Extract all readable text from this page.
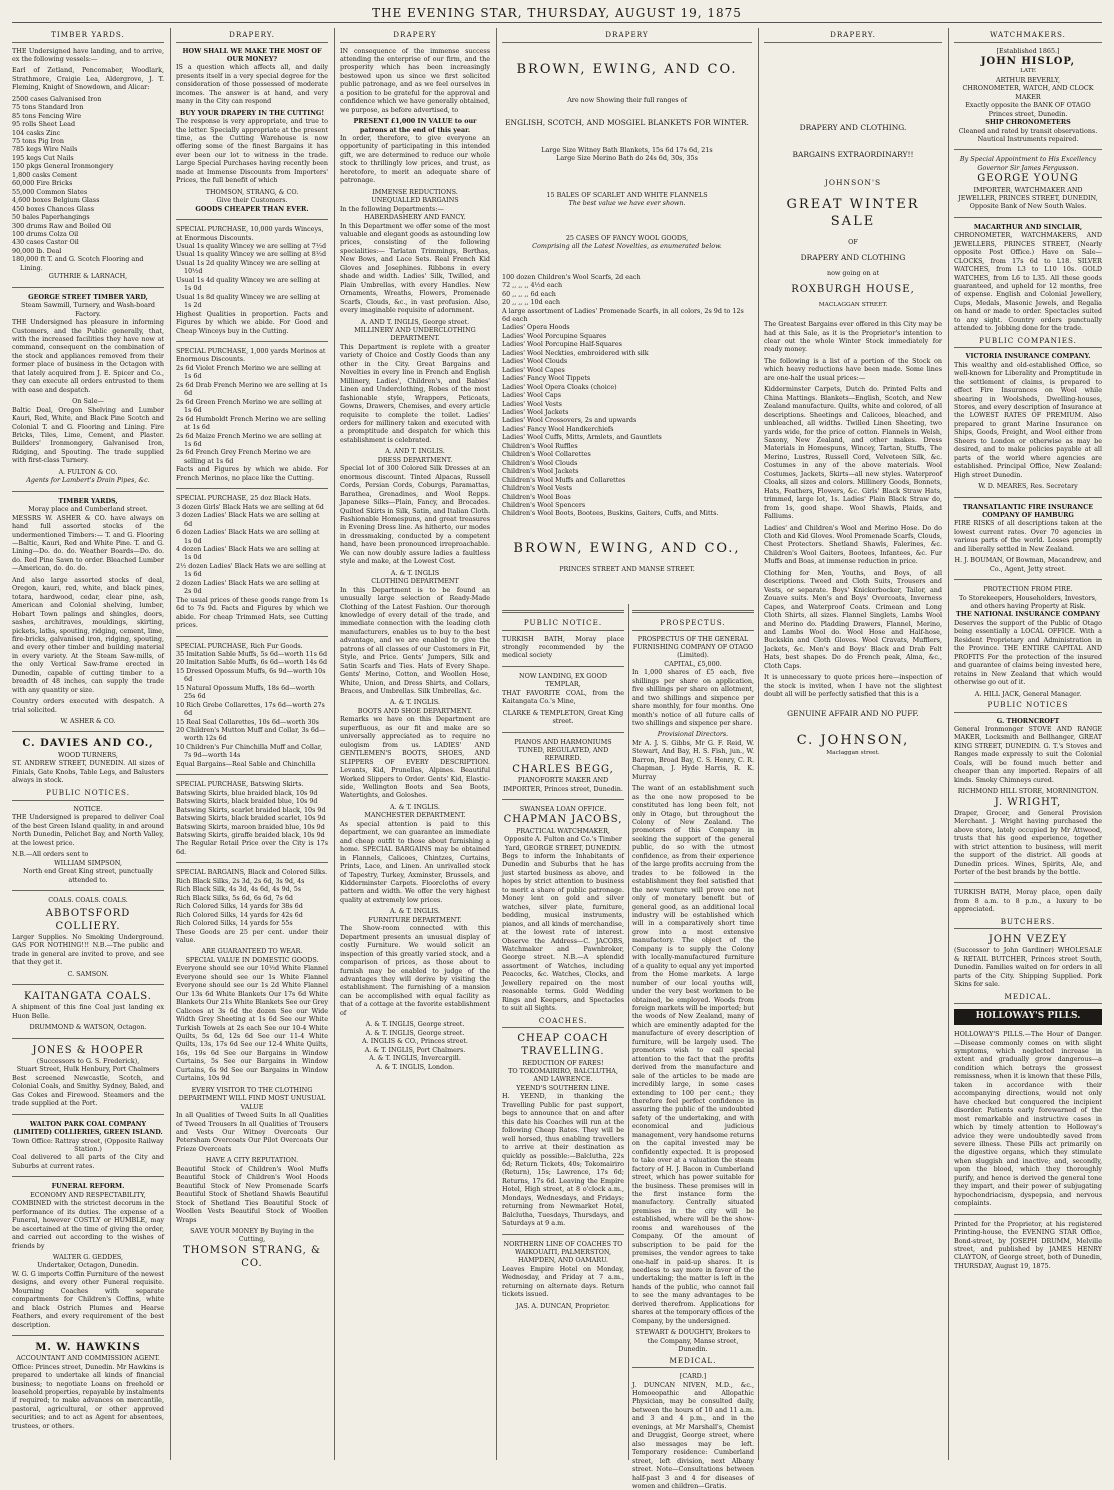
THE EVENING STAR, THURSDAY, AUGUST 19, 1875
TIMBER YARDS.

THE Undersigned have landing, and to arrive, ex the following vessels:—

Earl of Zetland, Pencomaber, Woodlark, Strathmore, Craigie Lea, Aldergrove, J. T. Fleming, Knight of Snowdown, and Alicar:

2500 cases Galvanised Iron
75 tons Standard Iron
85 tons Fencing Wire
95 rolls Sheet Lead
104 casks Zinc
75 tons Pig Iron
785 kegs Wire Nails
195 kegs Cut Nails
150 pkgs General Ironmongery
1,800 casks Cement
60,000 Fire Bricks
55,000 Common Slates
4,600 boxes Belgium Glass
450 boxes Chances Glass
50 bales Paperhangings
300 drums Raw and Boiled Oil
100 drums Colza Oil
430 cases Castor Oil
90,000 lb. Deal
180,000 ft T. and G. Scotch Flooring and Lining.
GUTHRIE & LARNACH,
GEORGE STREET TIMBER YARD,
Steam Sawmill, Turnery, and Wash-board Factory.

THE Undersigned has pleasure in informing Customers, and the Public generally, that, with the increased facilities they have now at command, consequent on the combination of the stock and appliances removed from their former place of business in the Octagon with that lately acquired from J. E. Spicer and Co., they can execute all orders entrusted to them with ease and despatch.

On Sale—

Baltic Deal, Oregon Shelving and Lumber Kauri, Red, White, and Black Pine Scotch and Colonial T. and G. Flooring and Lining. Fire Bricks, Tiles, Lime, Cement, and Plaster. Builders' Ironmongery, Galvanised Iron, Ridging, and Spouting. The trade supplied with first-class Turnery.

A. FULTON & CO.
Agents for Lambert's Drain Pipes, &c.
TIMBER YARDS,
Moray place and Cumberland street.

MESSRS W. ASHER & CO. have always on hand full assorted stocks of the undermentioned Timbers:— T. and G. Flooring—Baltic, Kauri, Red and White Pine. T. and G. Lining—Do. do. do. Weather Boards—Do. do. do. Red Pine Sawn to order. Bleached Lumber—American, do. do. do.

And also large assorted stocks of deal, Oregon, kauri, red, white, and black pines, totara, hardwood, cedar, clear pine, ash, American and Colonial shelving, lumber, Hobart Town palings and shingles, doors, sashes, architraves, mouldings, skirting, pickets, laths, spouting, ridging, cement, lime, fire-bricks, galvanised iron, ridging, spouting, and every other timber and building material in every variety. At the Steam Saw-mills, of the only Vertical Saw-frame erected in Dunedin, capable of cutting timber to a breadth of 48 inches, can supply the trade with any quantity or size.

Country orders executed with despatch. A trial solicited.

W. ASHER & CO.
C. DAVIES AND CO.,
WOOD TURNERS,

ST. ANDREW STREET, DUNEDIN. All sizes of Finials, Gate Knobs, Table Legs, and Balusters always in stock.

PUBLIC NOTICES.
NOTICE.

THE Undersigned is prepared to deliver Coal of the best Green Island quality, in and around North Dunedin, Pelichet Bay, and North Valley, at the lowest price.

N.B.—All orders sent to
WILLIAM SIMPSON,
North end Great King street, punctually attended to.
COALS. COALS. COALS.
ABBOTSFORD COLLIERY.

Larger Supplies. No Smoking Underground. GAS FOR NOTHING!!! N.B.—The public and trade in general are invited to prove, and see that they get it.

C. SAMSON.
KAITANGATA COALS.

A shipment of this fine Coal just landing ex Huon Belle.

DRUMMOND & WATSON, Octagon.
JONES & HOOPER
(Successors to G. S. Frederick),
Stuart Street, Hulk Henbury, Port Chalmers

Best screened Newcastle, Scotch, and Colonial Coals, and Smithy. Sydney, Baled, and Gas Cokes and Firewood. Steamers and the trade supplied at the Port.

WALTON PARK COAL COMPANY (LIMITED) COLLIERIES, GREEN ISLAND.
Town Office: Rattray street, (Opposite Railway Station.)

Coal delivered to all parts of the City and Suburbs at current rates.

FUNERAL REFORM.
ECONOMY AND RESPECTABILITY,

COMBINED with the strictest decorum in the performance of its duties. The expense of a Funeral, however COSTLY or HUMBLE, may be ascertained at the time of giving the order, and carried out according to the wishes of friends by

WALTER G. GEDDES,
Undertaker, Octagon, Dunedin.

W. G. G imports Coffin Furniture of the newest designs, and every other Funeral requisite. Mourning Coaches with separate compartments for Children's Coffins, white and black Ostrich Plumes and Hearse Feathers, and every requirement of the best description.

M. W. HAWKINS
ACCOUNTANT AND COMMISSION AGENT.

Office: Princes street, Dunedin. Mr Hawkins is prepared to undertake all kinds of financial business; to negotiate Loans on freehold or leasehold properties, repayable by instalments if required; to make advances on mercantile, pastoral, agricultural, or other approved securities; and to act as Agent for absentees, trustees, or others.

DRAPERY.
HOW SHALL WE MAKE THE MOST OF OUR MONEY?

IS a question which affects all, and daily presents itself in a very special degree for the consideration of those possessed of moderate incomes. The answer is at hand, and very many in the City can respond

BUY YOUR DRAPERY IN THE CUTTING!

The response is very appropriate, and true to the letter. Specially appropriate at the present time, as the Cutting Warehouse is now offering some of the finest Bargains it has ever been our lot to witness in the trade. Large Special Purchases having recently been made at Immense Discounts from Importers' Prices, the full benefit of which

THOMSON, STRANG, & CO.
Give their Customers.
GOODS CHEAPER THAN EVER.
SPECIAL PURCHASE, 10,000 yards Winceys, at Enormous Discounts.
Usual 1s quality Wincey we are selling at 7½d
Usual 1s quality Wincey we are selling at 8½d
Usual 1s 2d quality Wincey we are selling at 10½d
Usual 1s 4d quality Wincey we are selling at 1s 0d
Usual 1s 8d quality Wincey we are selling at 1s 2d

Highest Qualities in proportion. Facts and Figures by which we abide. For Good and Cheap Winceys buy in the Cutting.

SPECIAL PURCHASE, 1,000 yards Merinos at Enormous Discounts.
2s 6d Violet French Merino we are selling at 1s 6d
2s 6d Drab French Merino we are selling at 1s 6d
2s 6d Green French Merino we are selling at 1s 6d
2s 6d Humboldt French Merino we are selling at 1s 6d
2s 6d Maize French Merino we are selling at 1s 6d
2s 6d French Grey French Merino we are selling at 1s 6d

Facts and Figures by which we abide. For French Merinos, no place like the Cutting.

SPECIAL PURCHASE, 25 doz Black Hats.
3 dozen Girls' Black Hats we are selling at 6d
3 dozen Ladies' Black Hats we are selling at 6d
6 dozen Ladies' Black Hats we are selling at 1s 0d
4 dozen Ladies' Black Hats we are selling at 1s 0d
2½ dozen Ladies' Black Hats we are selling at 1s 6d
2 dozen Ladies' Black Hats we are selling at 2s 0d

The usual prices of these goods range from 1s 6d to 7s 9d. Facts and Figures by which we abide. For cheap Trimmed Hats, see Cutting prices.

SPECIAL PURCHASE, Rich Fur Goods.
35 Imitation Sable Muffs, 5s 6d—worth 11s 6d
20 Imitation Sable Muffs, 6s 6d—worth 14s 6d
15 Dressed Opossum Muffs, 6s 9d—worth 10s 6d
15 Natural Opossum Muffs, 18s 6d—worth 25s 6d
10 Rich Grebe Collarettes, 17s 6d—worth 27s 6d
15 Real Seal Collarettes, 10s 6d—worth 30s
20 Children's Mutton Muff and Collar, 3s 6d—worth 12s 6d
10 Children's Fur Chinchilla Muff and Collar, 7s 9d—worth 14s

Equal Bargains—Real Sable and Chinchilla

SPECIAL PURCHASE, Batswing Skirts.
Batswing Skirts, blue braided black, 10s 9d
Batswing Skirts, black braided blue, 10s 9d
Batswing Skirts, scarlet braided black, 10s 9d
Batswing Skirts, black braided scarlet, 10s 9d
Batswing Skirts, maroon braided blue, 10s 9d
Batswing Skirts, giraffe braided black, 10s 9d

The Regular Retail Price over the City is 17s 6d.

SPECIAL BARGAINS, Black and Colored Silks.
Rich Black Silks, 2s 3d, 2s 6d, 3s 9d, 4s
Rich Black Silk, 4s 3d, 4s 6d, 4s 9d, 5s
Rich Black Silks, 5s 6d, 6s 6d, 7s 6d
Rich Colored Silks, 14 yards for 38s 6d
Rich Colored Silks, 14 yards for 42s 6d
Rich Colored Silks, 14 yards for 55s

These Goods are 25 per cent. under their value.

ARE GUARANTEED TO WEAR.
SPECIAL VALUE IN DOMESTIC GOODS.

Everyone should see our 10½d White Flannel Everyone should see our 1s White Flannel Everyone should see our 1s 2d White Flannel Our 13s 6d White Blankets Our 17s 6d White Blankets Our 21s White Blankets See our Grey Calicoes at 3s 6d the dozen See our Wide Width Grey Sheeting at 1s 6d See our White Turkish Towels at 2s each See our 10-4 White Quilts, 5s 6d, 12s 6d See our 11-4 White Quilts, 13s, 17s 6d See our 12-4 White Quilts, 16s, 19s 6d See our Bargains in Window Curtains, 5s See our Bargains in Window Curtains, 6s 9d See our Bargains in Window Curtains, 10s 9d

EVERY VISITOR TO THE CLOTHING DEPARTMENT WILL FIND MOST UNUSUAL VALUE

In all Qualities of Tweed Suits In all Qualities of Tweed Trousers In all Qualities of Trousers and Vests Our Witney Overcoats Our Petersham Overcoats Our Pilot Overcoats Our Frieze Overcoats

HAVE A CITY REPUTATION.

Beautiful Stock of Children's Wool Muffs Beautiful Stock of Children's Wool Hoods Beautiful Stock of New Promenade Scarfs Beautiful Stock of Shetland Shawls Beautiful Stock of Shetland Ties Beautiful Stock of Woollen Vests Beautiful Stock of Woollen Wraps

SAVE YOUR MONEY By Buying in the Cutting,
THOMSON STRANG, & CO.
DRAPERY

IN consequence of the immense success attending the enterprise of our firm, and the prosperity which has been increasingly bestowed upon us since we first solicited public patronage, and as we feel ourselves in a position to be grateful for the approval and confidence which we have generally obtained, we purpose, as before advertised, to

PRESENT £1,000 IN VALUE to our patrons at the end of this year.

In order, therefore, to give everyone an opportunity of participating in this intended gift, we are determined to reduce our whole stock to thrillingly low prices, and trust, as heretofore, to merit an adequate share of patronage.

IMMENSE REDUCTIONS.
UNEQUALLED BARGAINS
In the following Departments:—
HABERDASHERY AND FANCY.

In this Department we offer some of the most valuable and elegant goods as astounding low prices, consisting of the following specialities:— Tarlatan Trimmings, Berthas, New Bows, and Lace Sets. Real French Kid Gloves and Josephines. Ribbons in every shade and width. Ladies' Silk, Twilled, and Plain Umbrellas, with every Handles. New Ornaments, Wreaths, Flowers, Promenade Scarfs, Clouds, &c., in vast profusion. Also, every imaginable requisite of adornment.

A. AND T. INGLIS, George street.
MILLINERY AND UNDERCLOTHING DEPARTMENT.

This Department is replete with a greater variety of Choice and Costly Goods than any other in the City. Great Bargains and Novelties in every line in French and English Millinery, Ladies', Children's, and Babies' Linen and Underclothing, Robes of the most fashionable style, Wrappers, Peticoats, Gowns, Drawers, Chemises, and every article requisite to complete the toilet. Ladies' orders for millinery taken and executed with a promptitude and despatch for which this establishment is celebrated.

A. AND T. INGLIS.
DRESS DEPARTMENT.

Special lot of 300 Colored Silk Dresses at an enormous discount. Tinted Alpacas, Russell Cords, Persian Cords, Coburgs, Paramattas, Barathea, Grenadines, and Wool Repps. Japanese Silks—Plain, Fancy, and Brocades. Quilted Skirts in Silk, Satin, and Italian Cloth. Fashionable Homespuns, and great treasures in Evening Dress line. As hitherto, our modes in dressmaking, conducted by a competent hand, have been pronounced irreproachable. We can now doubly assure ladies a faultless style and make, at the Lowest Cost.

A. & T. INGLIS
CLOTHING DEPARTMENT

In this Department is to be found an unusually large selection of Ready-Made Clothing of the Latest Fashion. Our thorough knowledge of every detail of the trade, and immediate connection with the leading cloth manufacturers, enables us to buy to the best advantage, and we are enabled to give the patrons of all classes of our Customers in Fit, Style, and Price. Gents' Jumpers, Silk and Satin Scarfs and Ties. Hats of Every Shape. Gents' Merino, Cotton, and Woollen Hose, White, Union, and Dress Shirts, and Collars, Braces, and Umbrellas. Silk Umbrellas, &c.

A. & T. INGLIS.
BOOTS AND SHOE DEPARTMENT.

Remarks we have on this Department are superfluous, as our fit and make are so universally appreciated as to require no eulogism from us. LADIES' AND GENTLEMEN'S BOOTS, SHOES, AND SLIPPERS OF EVERY DESCRIPTION. Levants, Kid, Prunellas, Alpines. Beautiful Worked Slippers to Order. Gents' Kid, Elastic-side, Wellington Boots and Sea Boots, Watertights, and Goloshes.

A. & T. INGLIS.
MANCHESTER DEPARTMENT.

As special attention is paid to this department, we can guarantee an immediate and cheap outfit to those about furnishing a home. SPECIAL BARGAINS may be obtained in Flannels, Calicoes, Chintzes, Curtains, Prints, Lace, and Linen. An unrivalled stock of Tapestry, Turkey, Axminster, Brussels, and Kidderminster Carpets. Floorcloths of every pattern and width. We offer the very highest quality at extremely low prices.

A. & T. INGLIS.
FURNITURE DEPARTMENT.

The Show-room connected with this Department presents an unusual display of costly Furniture. We would solicit an inspection of this greatly varied stock, and a comparison of prices, as those about to furnish may be enabled to judge of the advantages they will derive by visiting the establishment. The furnishing of a mansion can be accomplished with equal facility as that of a cottage at the favorite establishment of

A. & T. INGLIS, George street.
A. & T. INGLIS, George street.
A. INGLIS & CO., Princes street.
A. & T. INGLIS, Port Chalmers.
A. & T. INGLIS, Invercargill.
A. & T. INGLIS, London.
DRAPERY
BROWN, EWING, AND CO.
Are now Showing their full ranges of
ENGLISH, SCOTCH, AND MOSGIEL BLANKETS FOR WINTER.
Large Size Witney Bath Blankets, 15s 6d 17s 6d, 21s
Large Size Merino Bath do 24s 6d, 30s, 35s
15 BALES OF SCARLET AND WHITE FLANNELS
The best value we have ever shown.
25 CASES OF FANCY WOOL GOODS,
Comprising all the Latest Novelties, as enumerated below.
100 dozen Children's Wool Scarfs, 2d each
72 ,, ,, ,, 4½d each
60 ,, ,, ,, 6d each
20 ,, ,, ,, 10d each
A large assortment of Ladies' Promenade Scarfs, in all colors, 2s 9d to 12s 6d each
Ladies' Opera Hoods
Ladies' Wool Porcupine Squares
Ladies' Wool Porcupine Half-Squares
Ladies' Wool Neckties, embroidered with silk
Ladies' Wool Clouds
Ladies' Wool Capes
Ladies' Fancy Wool Tippets
Ladies' Wool Opera Cloaks (choice)
Ladies' Wool Caps
Ladies' Wool Vests
Ladies' Wool Jackets
Ladies' Wool Crossovers, 2s and upwards
Ladies' Fancy Wool Handkerchiefs
Ladies' Wool Cuffs, Mitts, Armlets, and Gauntlets
Children's Wool Ruffles
Children's Wool Collarettes
Children's Wool Clouds
Children's Wool Jackets
Children's Wool Muffs and Collarettes
Children's Wool Vests
Children's Wool Boas
Children's Wool Spencers
Children's Wool Boots, Bootees, Buskins, Gaiters, Cuffs, and Mitts.
BROWN, EWING, AND CO.,
PRINCES STREET AND MANSE STREET.
PUBLIC NOTICE.

TURKISH BATH, Moray place strongly recommended by the medical society

NOW LANDING, EX GOOD TEMPLAR,

THAT FAVORITE COAL, from the Kaitangata Co.'s Mine,

CLARKE & TEMPLETON, Great King street.
PIANOS AND HARMONIUMS TUNED, REGULATED, AND REPAIRED.
CHARLES BEGG,
PIANOFORTE MAKER AND IMPORTER, Princes street, Dunedin.
SWANSEA LOAN OFFICE.
CHAPMAN JACOBS,
PRACTICAL WATCHMAKER,
Opposite A. Fulton and Co.'s Timber Yard, GEORGE STREET, DUNEDIN.

Begs to inform the Inhabitants of Dunedin and Suburbs that he has just started business as above, and hopes by strict attention to business to merit a share of public patronage. Money lent on gold and silver watches, silver plate, furniture, bedding, musical instruments, pianos, and all kinds of merchandise, at the lowest rate of interest. Observe the Address—C. JACOBS, Watchmaker and Pawnbroker, George street. N.B.—A splendid assortment of Watches, including Peacocks, &c. Watches, Clocks, and Jewellery repaired on the most reasonable terms. Gold Wedding Rings and Keepers, and Spectacles to suit all Sights.

COACHES.
CHEAP COACH TRAVELLING.
REDUCTION OF FARES!
TO TOKOMAIRIRO, BALCLUTHA, AND LAWRENCE.
YEEND'S SOUTHERN LINE.

H. YEEND, in thanking the Travelling Public for past support, begs to announce that on and after this date his Coaches will run at the following Cheap Rates. They will be well horsed, thus enabling travellers to arrive at their destination as quickly as possible:—Balclutha, 22s 6d; Return Tickets, 40s; Tokomairiro (Return), 15s; Lawrence, 17s 6d; Returns, 17s 6d. Leaving the Empire Hotel, High street, at 8 o'clock a.m., Mondays, Wednesdays, and Fridays; returning from Newmarket Hotel, Balclutha, Tuesdays, Thursdays, and Saturdays at 9 a.m.

NORTHERN LINE OF COACHES TO WAIKOUAITI, PALMERSTON, HAMPDEN, AND OAMARU.

Leaves Empire Hotel on Monday, Wednesday, and Friday at 7 a.m., returning on alternate days. Return tickets issued.

JAS. A. DUNCAN, Proprietor.
PROSPECTUS.
PROSPECTUS OF THE GENERAL FURNISHING COMPANY OF OTAGO (Limited).
CAPITAL, £5,000.

In 1,000 shares of £5 each, five shillings per share on application, five shillings per share on allotment, and two shillings and sixpence per share monthly, for four months. One month's notice of all future calls of two shillings and sixpence per share.

Provisional Directors.

Mr A. J. S. Gibbs, Mr G. F. Reid, W. Stewart, And Bay, H. S. Fish, jun., W. Barron, Broad Bay, C. S. Henry, C. R. Chapman, J. Hyde Harris, R. K. Murray

The want of an establishment such as the one now proposed to be constituted has long been felt, not only in Otago, but throughout the Colony of New Zealand. The promoters of this Company in seeking the support of the general public, do so with the utmost confidence, as from their experience of the large profits accruing from the trades to be followed in the establishment they feel satisfied that the new venture will prove one not only of monetary benefit but of general good, as an additional local industry will be established which will in a comparatively short time grow into a most extensive manufactory. The object of the Company is to supply the Colony with locally-manufactured furniture of a quality to equal any yet imported from the Home markets. A large number of our local youths will, under the very best workmen to be obtained, be employed. Woods from foreign markets will be imported; but the woods of New Zealand, many of which are eminently adapted for the manufacture of every description of furniture, will be largely used. The promoters wish to call special attention to the fact that the profits derived from the manufacture and sale of the articles to be made are incredibly large, in some cases extending to 100 per cent.; they therefore feel perfect confidence in assuring the public of the undoubted safety of the undertaking, and with economical and judicious management, very handsome returns on the capital invested may be confidently expected. It is proposed to take over at a valuation the steam factory of H. J. Bacon in Cumberland street, which has power suitable for the business. These premises will in the first instance form the manufactory. Centrally situated premises in the city will be established, where will be the show-rooms and warehouses of the Company. Of the amount of subscription to be paid for the premises, the vendor agrees to take one-half in paid-up shares. It is needless to say more in favor of the undertaking; the matter is left in the hands of the public, who cannot fail to see the many advantages to be derived therefrom. Applications for shares at the temporary offices of the Company, by the undersigned.

STEWART & DOUGHTY, Brokers to the Company, Manse street, Dunedin.
MEDICAL.
[CARD.]

J. DUNCAN NIVEN, M.D., &c., Homoeopathic and Allopathic Physician, may be consulted daily, between the hours of 10 and 11 a.m. and 3 and 4 p.m., and in the evenings, at Mr Marshall's, Chemist and Druggist, George street, where also messages may be left. Temporary residence: Cumberland street, left division, next Albany street. Note—Consultations between half-past 3 and 4 for diseases of women and children—Gratis.

DRAPERY.
DRAPERY AND CLOTHING.
BARGAINS EXTRAORDINARY!!
JOHNSON'S
GREAT WINTER SALE
OF
DRAPERY AND CLOTHING
now going on at
ROXBURGH HOUSE,
MACLAGGAN STREET.

The Greatest Bargains ever offered in this City may be had at this Sale, as it is the Proprietor's intention to clear out the whole Winter Stock immediately for ready money.

The following is a list of a portion of the Stock on which heavy reductions have been made. Some lines are one-half the usual prices:—

Kidderminster Carpets, Dutch do. Printed Felts and China Mattings. Blankets—English, Scotch, and New Zealand manufacture. Quilts, white and colored, of all descriptions. Sheetings and Calicoes, bleached, and unbleached, all widths. Twilled Linen Sheeting, two yards wide, for the price of cotton. Flannels in Welsh, Saxony, New Zealand, and other makes. Dress Materials in Homespuns, Wincey, Tartan, Stuffs, The Merino, Lustres, Russell Cord, Velveteen Silk, &c. Costumes in any of the above materials. Wool Costumes, Jackets, Skirts—all new styles. Waterproof Cloaks, all sizes and colors. Millinery Goods, Bonnets, Hats, Feathers, Flowers, &c. Girls' Black Straw Hats, trimmed, large lot, 1s. Ladies' Plain Black Straw do, from 1s, good shape. Wool Shawls, Plaids, and Falliums.

Ladies' and Children's Wool and Merino Hose. Do do Cloth and Kid Gloves. Wool Promenade Scarfs, Clouds, Chest Protectors. Shetland Shawls, Falerines, &c. Children's Wool Gaiters, Bootees, Infantees, &c. Fur Muffs and Boas, at immense reduction in price.

Clothing for Men, Youths, and Boys, of all descriptions. Tweed and Cloth Suits, Trousers and Vests, or separate. Boys' Knickerbocker, Tailor, and Zouave suits. Men's and Boys' Overcoats, Inverness Capes, and Waterproof Coats. Crimean and Long Cloth Shirts, all sizes. Flannel Singlets, Lambs Wool and Merino do. Pladding Drawers, Flannel, Merino, and Lambs Wool do. Wool Hose and Half-hose, Buckskin and Cloth Gloves. Wool Cravats, Mufflers, Jackets, &c. Men's and Boys' Black and Drab Felt Hats, best shapes. Do do French peak, Alma, &c., Cloth Caps.

It is unnecessary to quote prices here—inspection of the stock is invited, when I have not the slightest doubt all will be perfectly satisfied that this is a

GENUINE AFFAIR AND NO PUFF.
C. JOHNSON,
Maclaggan street.
WATCHMAKERS.
[Established 1865.]
JOHN HISLOP,
LATE
ARTHUR BEVERLY,
CHRONOMETER, WATCH, AND CLOCK MAKER
Exactly opposite the BANK OF OTAGO Princes street, Dunedin.
SHIP CHRONOMETERS
Cleaned and rated by transit observations. Nautical Instruments repaired.
By Special Appointment to His Excellency Governor Sir James Fergusson.
GEORGE YOUNG
IMPORTER, WATCHMAKER AND JEWELLER, PRINCES STREET, DUNEDIN, Opposite Bank of New South Wales.
MACARTHUR AND SINCLAIR,

CHRONOMETER, WATCHMAKERS, AND JEWELLERS, PRINCES STREET, (Nearly opposite Post Office.) Have on Sale— CLOCKS, from 17s 6d to L18. SILVER WATCHES, from L3 to L10 10s. GOLD WATCHES, from L6 to L35. All these goods guaranteed, and upheld for 12 months, free of expense. English and Colonial Jewellery, Cups, Medals, Masonic Jewels, and Regalia on hand or made to order. Spectacles suited to any sight. Country orders punctually attended to. Jobbing done for the trade.

PUBLIC COMPANIES.
VICTORIA INSURANCE COMPANY.

This wealthy and old-established Office, so well-known for Liberality and Promptitude in the settlement of claims, is prepared to effect Fire Insurances on Wool while shearing in Woolsheds, Dwelling-houses, Stores, and every description of Insurance at the LOWEST RATES OF PREMIUM. Also prepared to grant Marine Insurance on Ships, Goods, Freight, and Wool either from Sheers to London or otherwise as may be desired, and to make policies payable at all parts of the world where agencies are established. Principal Office, New Zealand: High street Dunedin.

W. D. MEARES, Res. Secretary
TRANSATLANTIC FIRE INSURANCE COMPANY OF HAMBURG

FIRE RISKS of all descriptions taken at the lowest current rates. Over 70 agencies in various parts of the world. Losses promptly and liberally settled in New Zealand.

H. J. BOUMAN, Of Bowman, Macandrew, and Co., Agent, Jetty street.
PROTECTION FROM FIRE.
To Storekeepers, Householders, Investors, and others having Property at Risk.
THE NATIONAL INSURANCE COMPANY

Deserves the support of the Public of Otago being essentially a LOCAL OFFICE. With a Resident Proprietary and Administration in the Province. THE ENTIRE CAPITAL AND PROFITS For the protection of the insured and guarantee of claims being invested here, retains in New Zealand that which would otherwise go out of it.

A. HILL JACK, General Manager.
PUBLIC NOTICES
G. THORNCROFT

General Ironmonger STOVE AND RANGE MAKER, Locksmith and Bellhanger, GREAT KING STREET, DUNEDIN. G. T.'s Stoves and Ranges made expressly to suit the Colonial Coals, will be found much better and cheaper than any imported. Repairs of all kinds. Smoky Chimneys cured.

RICHMOND HILL STORE, MORNINGTON.
J. WRIGHT,

Draper, Grocer, and General Provision Merchant. J. Wright having purchased the above store, lately occupied by Mr Attwood, trusts that his good experience, together with strict attention to business, will merit the support of the district. All goods at Dunedin prices. Wines, Spirits, Ale, and Porter of the best brands by the bottle.

TURKISH BATH, Moray place, open daily from 8 a.m. to 8 p.m., a luxury to be appreciated.

BUTCHERS.
JOHN VEZEY

(Successor to John Gardiner) WHOLESALE & RETAIL BUTCHER, Princes street South, Dunedin. Families waited on for orders in all parts of the City. Shipping Supplied. Pork Skins for sale.

MEDICAL.
HOLLOWAY'S PILLS.

HOLLOWAY'S PILLS.—The Hour of Danger.—Disease commonly comes on with slight symptoms, which neglected increase in extent and gradually grow dangerous—a condition which betrays the grossest remissness, when it is known that these Pills, taken in accordance with their accompanying directions, would not only have checked but conquered the incipient disorder. Patients early forewarned of the most remarkable and instructive cases in which by timely attention to Holloway's advice they were undoubtedly saved from severe illness. These Pills act primarily on the digestive organs, which they stimulate when sluggish and inactive; and, secondly, upon the blood, which they thoroughly purify, and hence is derived the general tone they impart, and their power of subjugating hypochondriacism, dyspepsia, and nervous complaints.

Printed for the Proprietor, at his registered Printing-house, the EVENING STAR Office, Bond-street, by JOSEPH DRUMM, Melville street, and published by JAMES HENRY CLAYTON, of George street, both of Dunedin, THURSDAY, August 19, 1875.
